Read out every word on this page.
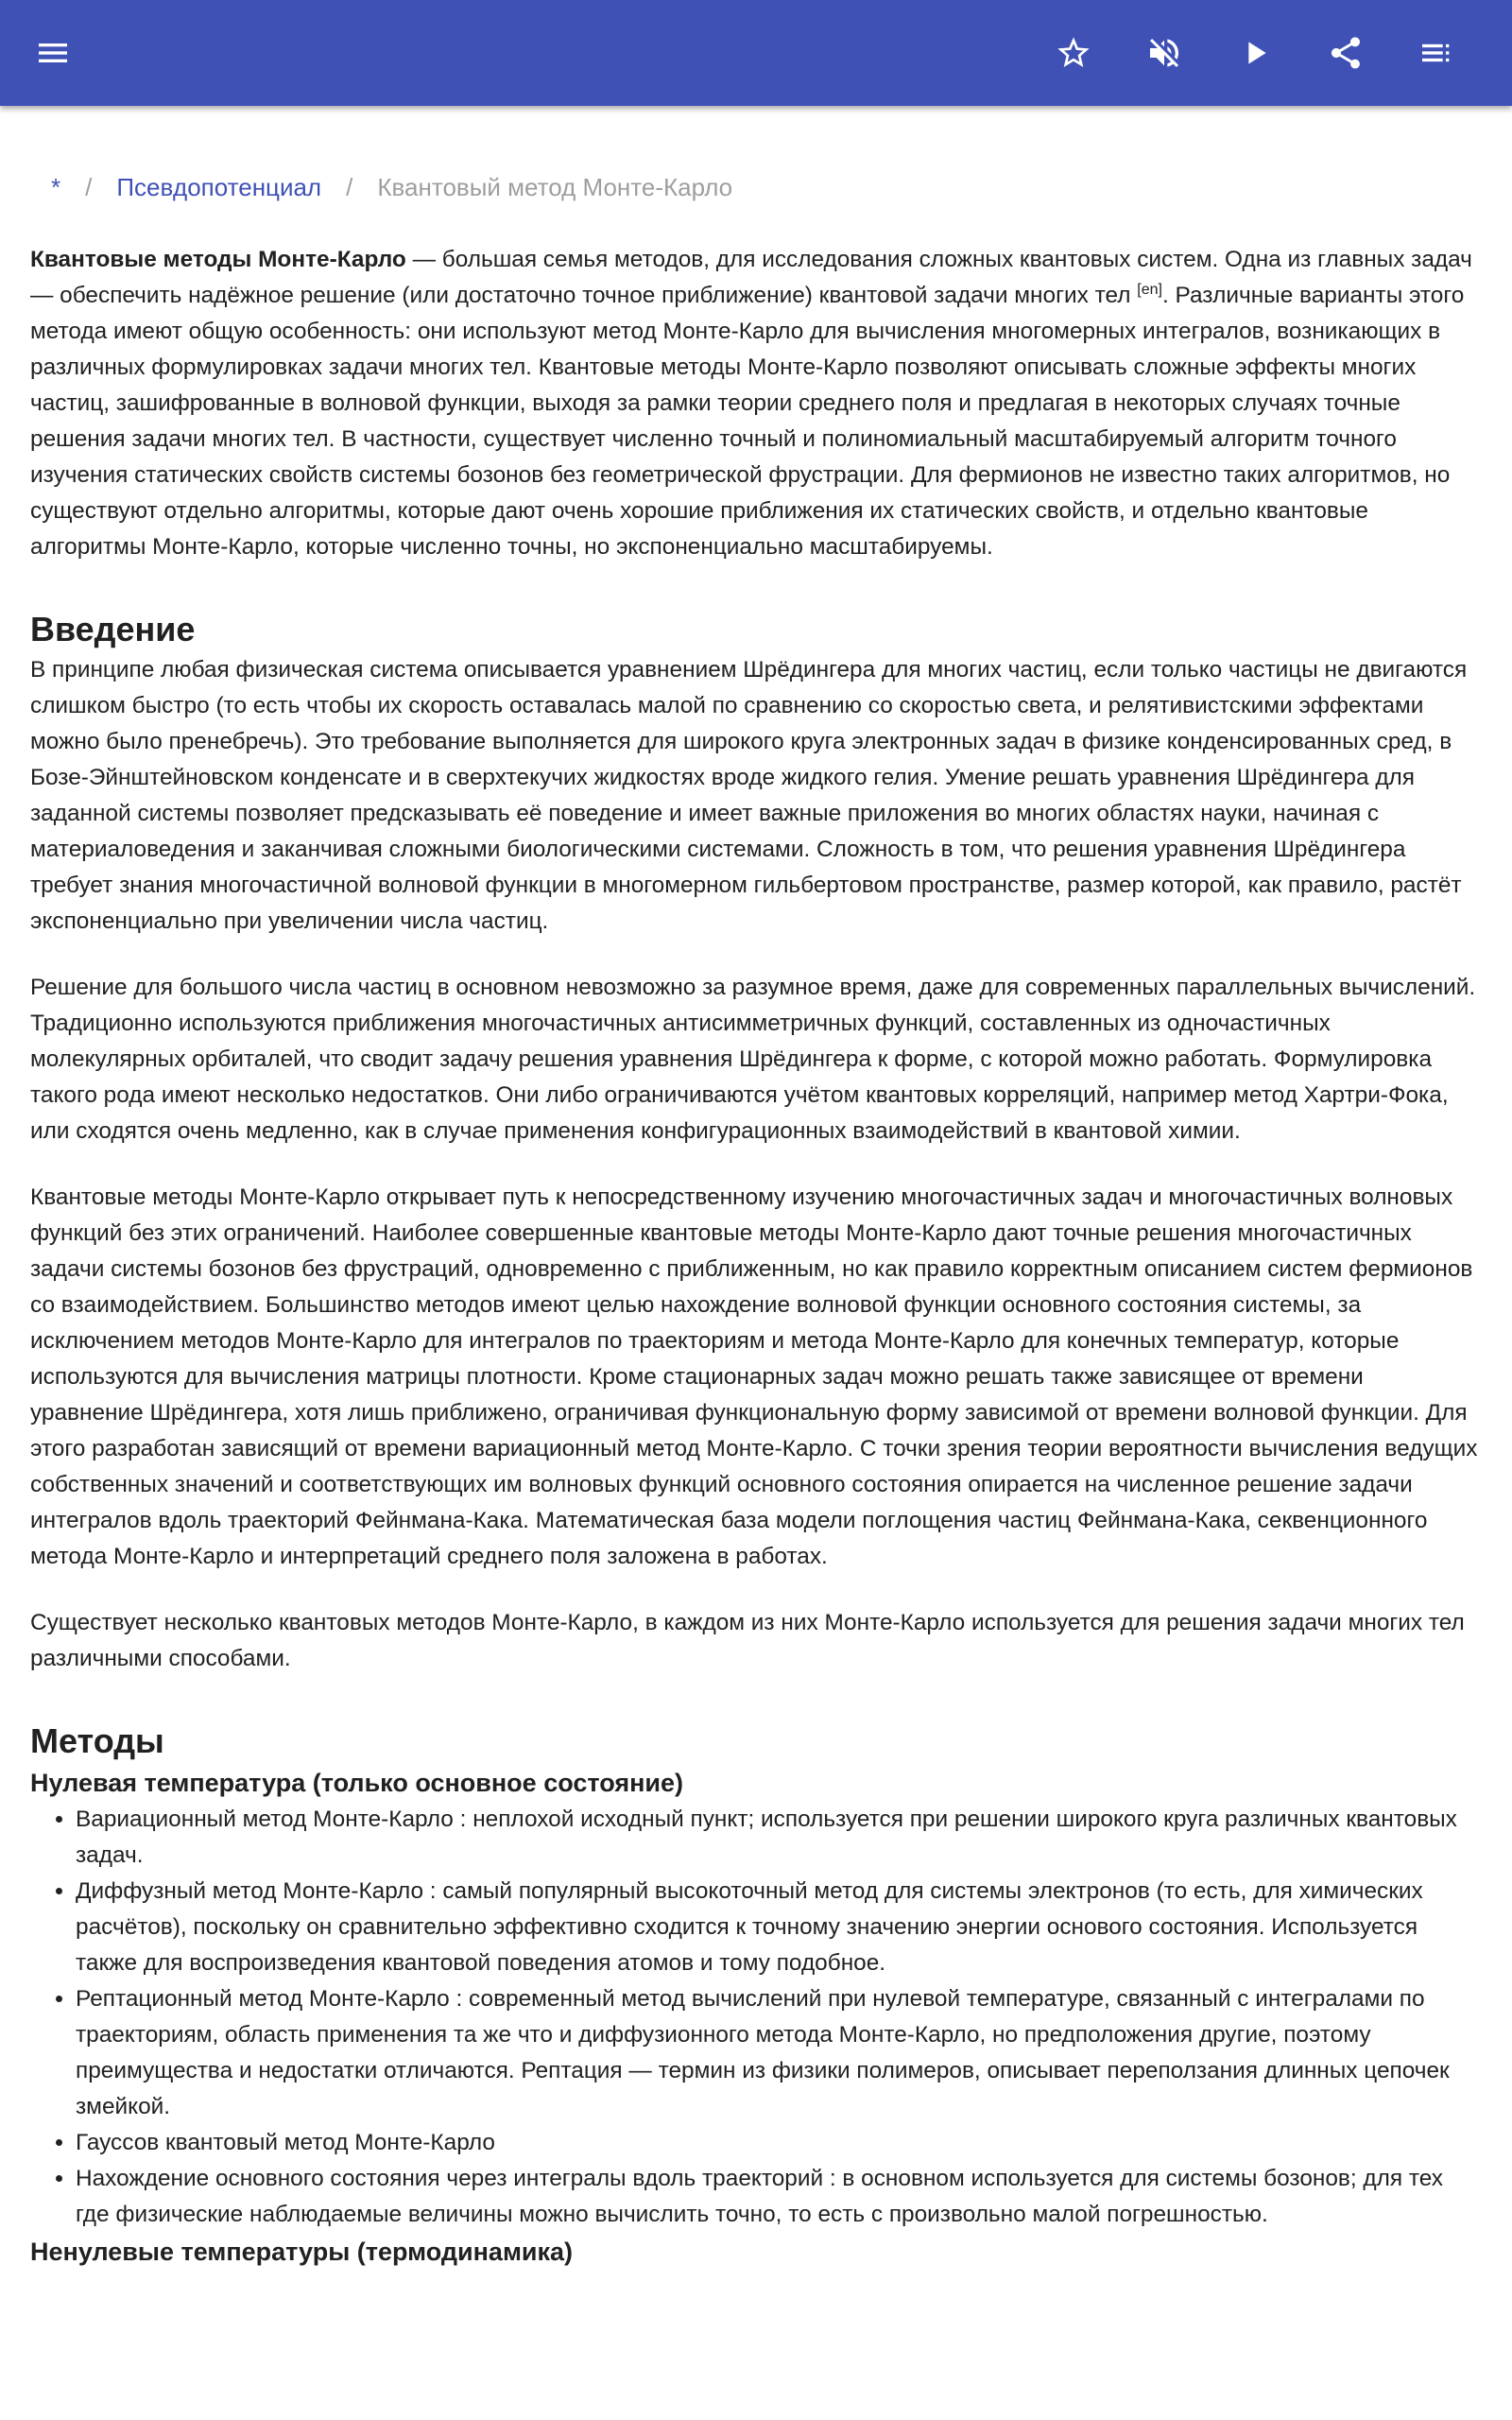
* / Псевдопотенциал / Квантовый метод Монте-Карло

Квантовые методы Монте-Карло — большая семья методов, для исследования сложных квантовых систем. Одна из главных задач — обеспечить надёжное решение (или достаточно точное приближение) квантовой задачи многих тел [en]. Различные варианты этого метода имеют общую особенность: они используют метод Монте-Карло для вычисления многомерных интегралов, возникающих в различных формулировках задачи многих тел. Квантовые методы Монте-Карло позволяют описывать сложные эффекты многих частиц, зашифрованные в волновой функции, выходя за рамки теории среднего поля и предлагая в некоторых случаях точные решения задачи многих тел. В частности, существует численно точный и полиномиальный масштабируемый алгоритм точного изучения статических свойств системы бозонов без геометрической фрустрации. Для фермионов не известно таких алгоритмов, но существуют отдельно алгоритмы, которые дают очень хорошие приближения их статических свойств, и отдельно квантовые алгоритмы Монте-Карло, которые численно точны, но экспоненциально масштабируемы.

Введение

В принципе любая физическая система описывается уравнением Шрёдингера для многих частиц, если только частицы не двигаются слишком быстро (то есть чтобы их скорость оставалась малой по сравнению со скоростью света, и релятивистскими эффектами можно было пренебречь). Это требование выполняется для широкого круга электронных задач в физике конденсированных сред, в Бозе-Эйнштейновском конденсате и в сверхтекучих жидкостях вроде жидкого гелия. Умение решать уравнения Шрёдингера для заданной системы позволяет предсказывать её поведение и имеет важные приложения во многих областях науки, начиная с материаловедения и заканчивая сложными биологическими системами. Сложность в том, что решения уравнения Шрёдингера требует знания многочастичной волновой функции в многомерном гильбертовом пространстве, размер которой, как правило, растёт экспоненциально при увеличении числа частиц.

Решение для большого числа частиц в основном невозможно за разумное время, даже для современных параллельных вычислений. Традиционно используются приближения многочастичных антисимметричных функций, составленных из одночастичных молекулярных орбиталей, что сводит задачу решения уравнения Шрёдингера к форме, с которой можно работать. Формулировка такого рода имеют несколько недостатков. Они либо ограничиваются учётом квантовых корреляций, например метод Хартри-Фока, или сходятся очень медленно, как в случае применения конфигурационных взаимодействий в квантовой химии.

Квантовые методы Монте-Карло открывает путь к непосредственному изучению многочастичных задач и многочастичных волновых функций без этих ограничений. Наиболее совершенные квантовые методы Монте-Карло дают точные решения многочастичных задачи системы бозонов без фрустраций, одновременно с приближенным, но как правило корректным описанием систем фермионов со взаимодействием. Большинство методов имеют целью нахождение волновой функции основного состояния системы, за исключением методов Монте-Карло для интегралов по траекториям и метода Монте-Карло для конечных температур, которые используются для вычисления матрицы плотности. Кроме стационарных задач можно решать также зависящее от времени уравнение Шрёдингера, хотя лишь приближено, ограничивая функциональную форму зависимой от времени волновой функции. Для этого разработан зависящий от времени вариационный метод Монте-Карло. С точки зрения теории вероятности вычисления ведущих собственных значений и соответствующих им волновых функций основного состояния опирается на численное решение задачи интегралов вдоль траекторий Фейнмана-Кака. Математическая база модели поглощения частиц Фейнмана-Кака, секвенционного метода Монте-Карло и интерпретаций среднего поля заложена в работах.

Существует несколько квантовых методов Монте-Карло, в каждом из них Монте-Карло используется для решения задачи многих тел различными способами.

Методы
Нулевая температура (только основное состояние)
• Вариационный метод Монте-Карло : неплохой исходный пункт; используется при решении широкого круга различных квантовых задач.
• Диффузный метод Монте-Карло : самый популярный высокоточный метод для системы электронов (то есть, для химических расчётов), поскольку он сравнительно эффективно сходится к точному значению энергии основого состояния. Используется также для воспроизведения квантовой поведения атомов и тому подобное.
• Рептационный метод Монте-Карло : современный метод вычислений при нулевой температуре, связанный с интегралами по траекториям, область применения та же что и диффузионного метода Монте-Карло, но предположения другие, поэтому преимущества и недостатки отличаются. Рептация — термин из физики полимеров, описывает переползания длинных цепочек змейкой.
• Гауссов квантовый метод Монте-Карло
• Нахождение основного состояния через интегралы вдоль траекторий : в основном используется для системы бозонов; для тех где физические наблюдаемые величины можно вычислить точно, то есть с произвольно малой погрешностью.
Ненулевые температуры (термодинамика)
